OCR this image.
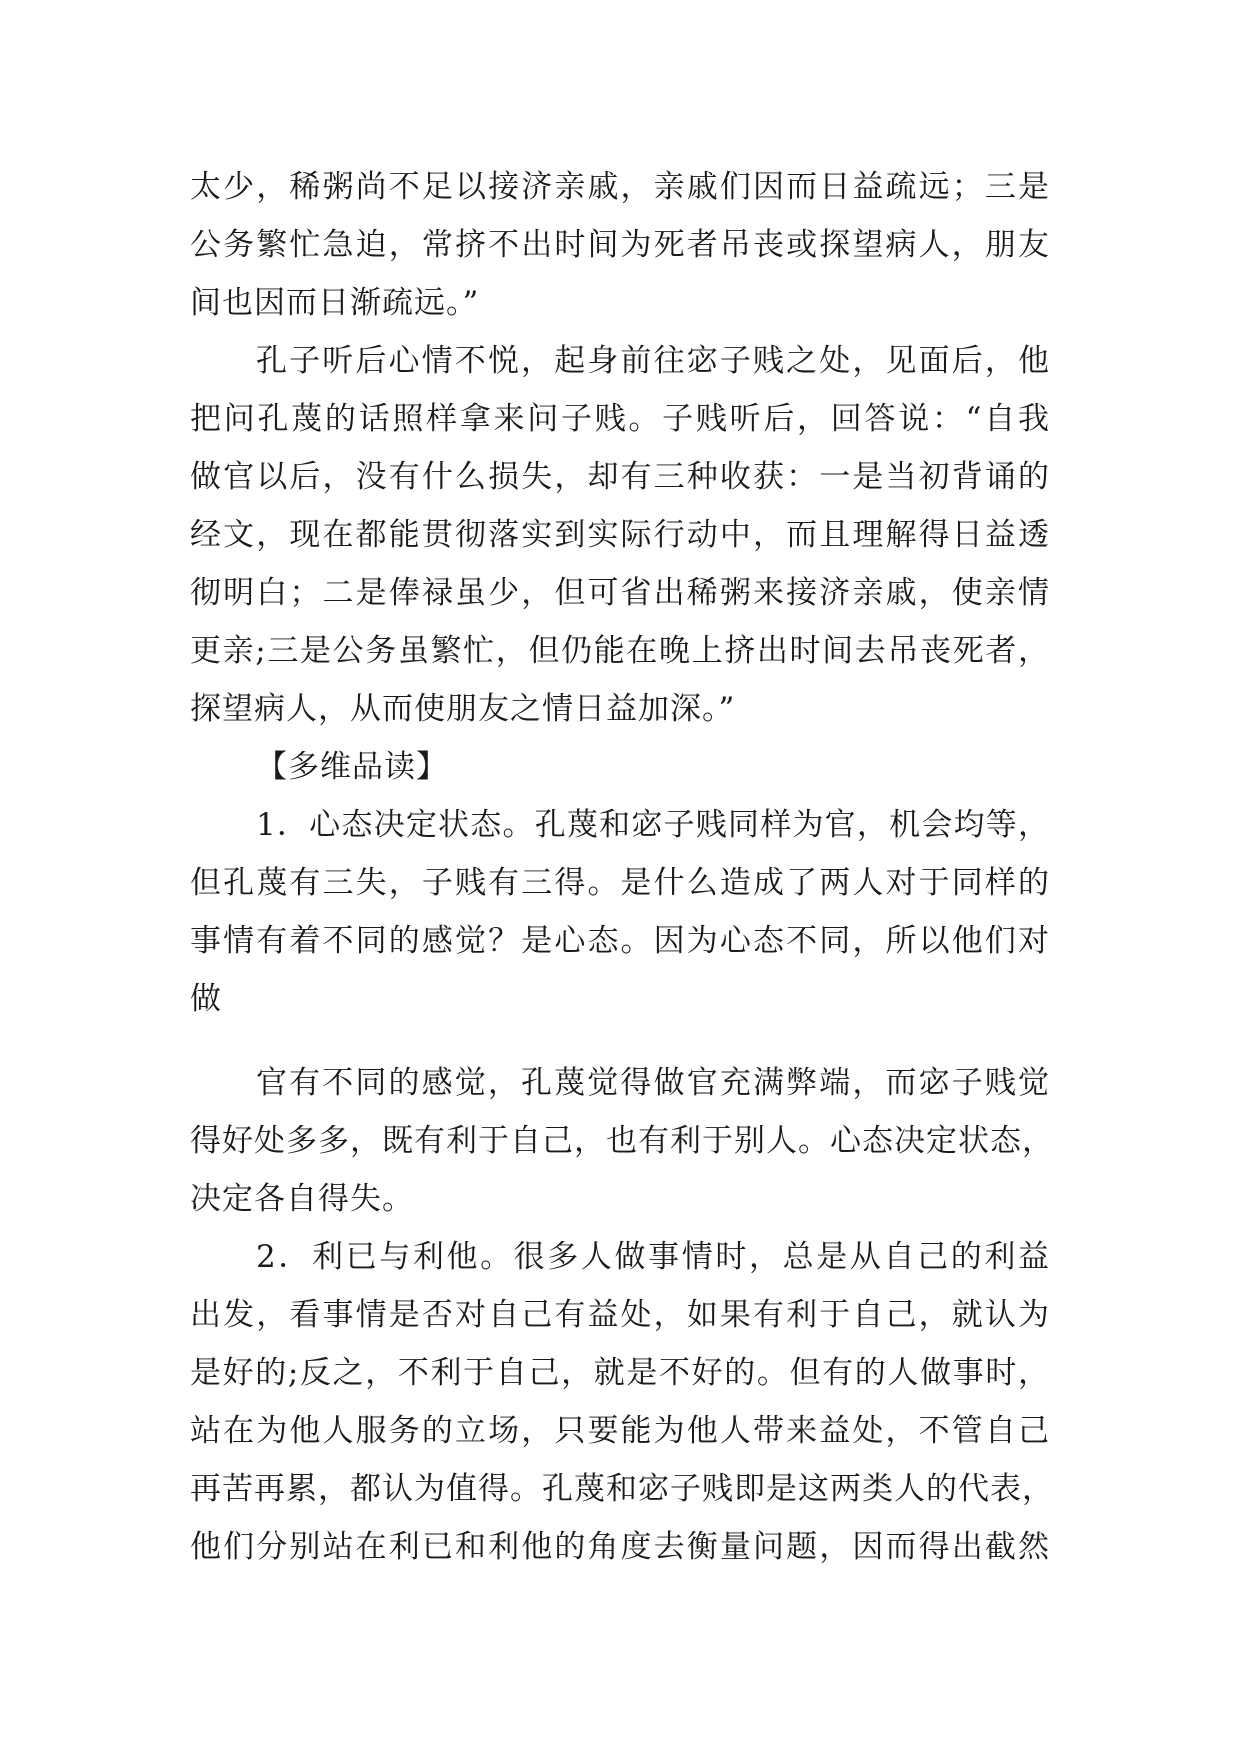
太少，稀粥尚不足以接济亲戚，亲戚们因而日益疏远；三是
公务繁忙急迫，常挤不出时间为死者吊丧或探望病人，朋友
间也因而日渐疏远。”
孔子听后心情不悦，起身前往宓子贱之处，见面后，他
把问孔蔑的话照样拿来问子贱。子贱听后，回答说：“自我
做官以后，没有什么损失，却有三种收获：一是当初背诵的
经文，现在都能贯彻落实到实际行动中，而且理解得日益透
彻明白；二是俸禄虽少，但可省出稀粥来接济亲戚，使亲情
更亲;三是公务虽繁忙，但仍能在晚上挤出时间去吊丧死者，
探望病人，从而使朋友之情日益加深。”
【多维品读】
1．心态决定状态。孔蔑和宓子贱同样为官，机会均等，
但孔蔑有三失，子贱有三得。是什么造成了两人对于同样的
事情有着不同的感觉？是心态。因为心态不同，所以他们对
做
官有不同的感觉，孔蔑觉得做官充满弊端，而宓子贱觉
得好处多多，既有利于自己，也有利于别人。心态决定状态，
决定各自得失。
2．利已与利他。很多人做事情时，总是从自己的利益
出发，看事情是否对自己有益处，如果有利于自己，就认为
是好的;反之，不利于自己，就是不好的。但有的人做事时，
站在为他人服务的立场，只要能为他人带来益处，不管自己
再苦再累，都认为值得。孔蔑和宓子贱即是这两类人的代表，
他们分别站在利已和利他的角度去衡量问题，因而得出截然
